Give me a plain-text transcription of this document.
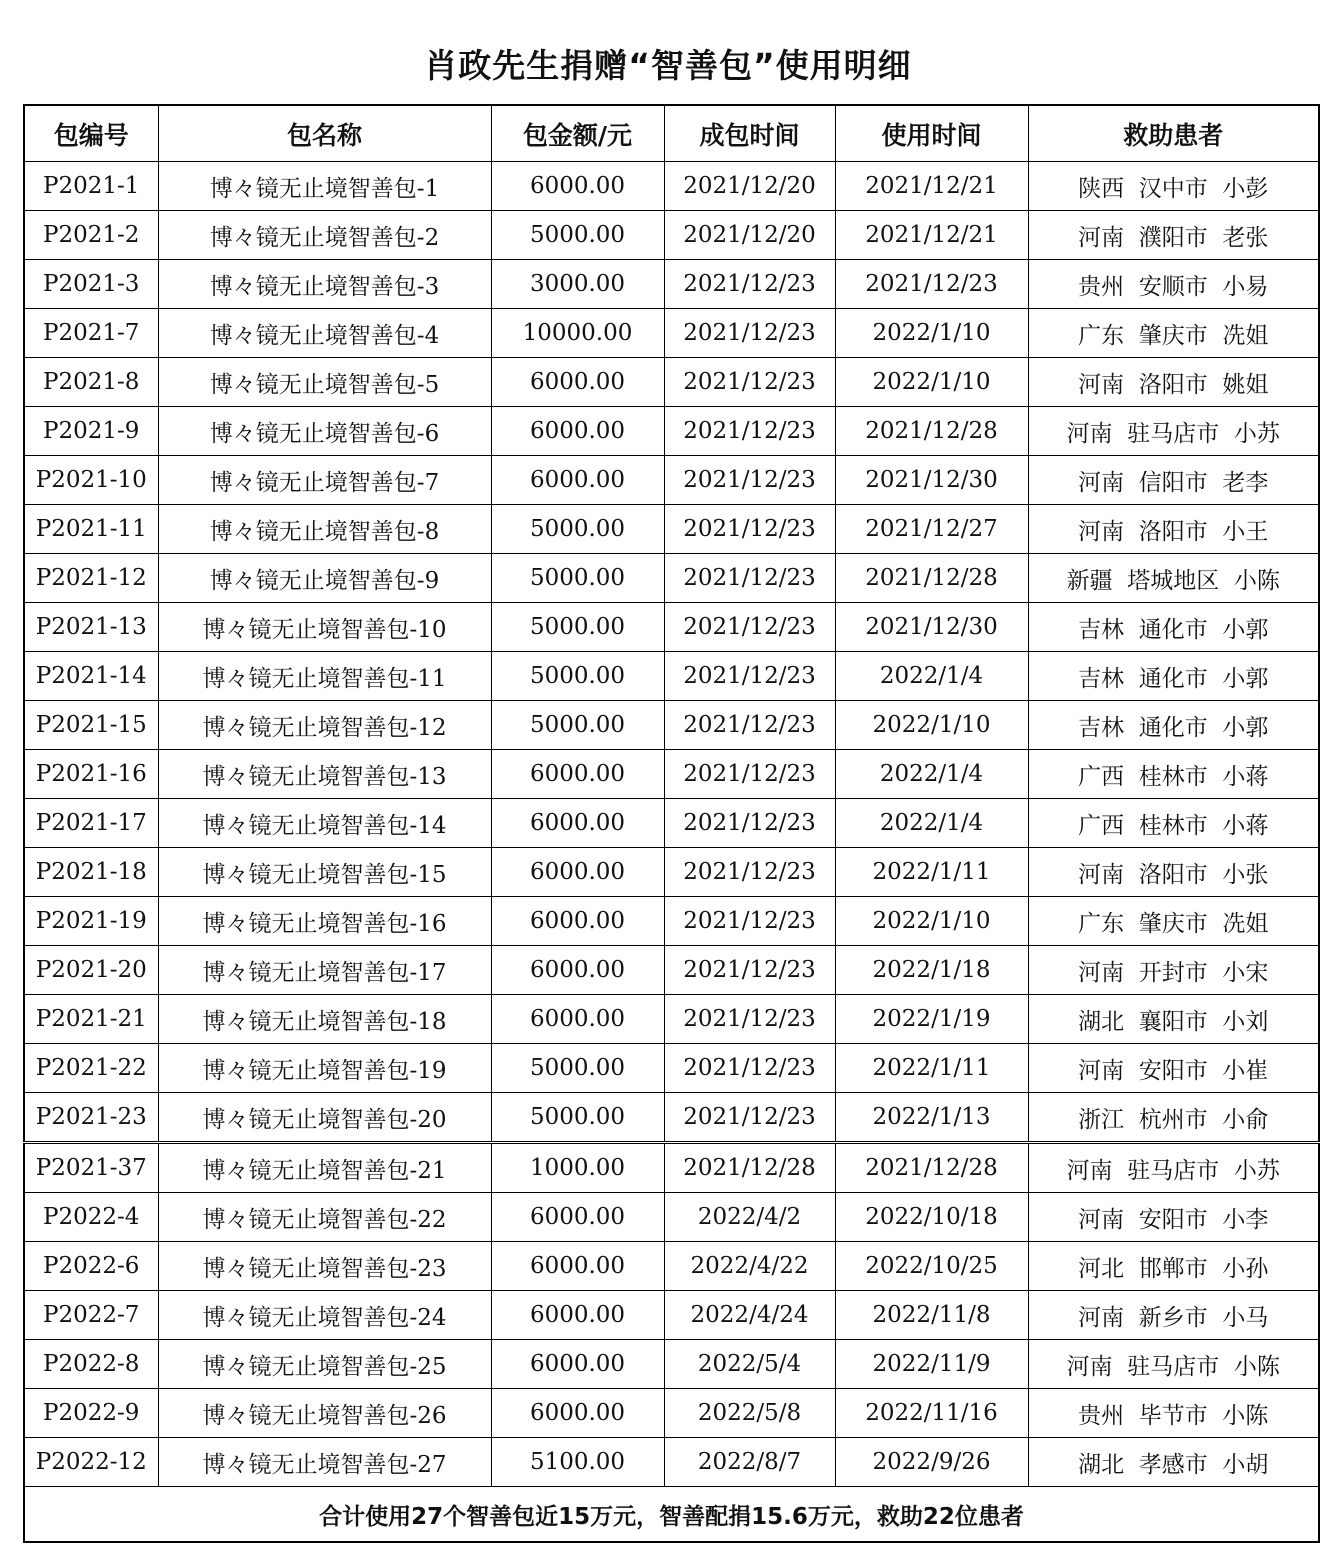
肖政先生捐赠“智善包”使用明细
包编号	包名称	包金额/元	成包时间	使用时间	救助患者
P2021-1	博々镜无止境智善包-1	6000.00	2021/12/20	2021/12/21	陕西  汉中市  小彭
P2021-2	博々镜无止境智善包-2	5000.00	2021/12/20	2021/12/21	河南  濮阳市  老张
P2021-3	博々镜无止境智善包-3	3000.00	2021/12/23	2021/12/23	贵州  安顺市  小易
P2021-7	博々镜无止境智善包-4	10000.00	2021/12/23	2022/1/10	广东  肇庆市  冼姐
P2021-8	博々镜无止境智善包-5	6000.00	2021/12/23	2022/1/10	河南  洛阳市  姚姐
P2021-9	博々镜无止境智善包-6	6000.00	2021/12/23	2021/12/28	河南  驻马店市  小苏
P2021-10	博々镜无止境智善包-7	6000.00	2021/12/23	2021/12/30	河南  信阳市  老李
P2021-11	博々镜无止境智善包-8	5000.00	2021/12/23	2021/12/27	河南  洛阳市  小王
P2021-12	博々镜无止境智善包-9	5000.00	2021/12/23	2021/12/28	新疆  塔城地区  小陈
P2021-13	博々镜无止境智善包-10	5000.00	2021/12/23	2021/12/30	吉林  通化市  小郭
P2021-14	博々镜无止境智善包-11	5000.00	2021/12/23	2022/1/4	吉林  通化市  小郭
P2021-15	博々镜无止境智善包-12	5000.00	2021/12/23	2022/1/10	吉林  通化市  小郭
P2021-16	博々镜无止境智善包-13	6000.00	2021/12/23	2022/1/4	广西  桂林市  小蒋
P2021-17	博々镜无止境智善包-14	6000.00	2021/12/23	2022/1/4	广西  桂林市  小蒋
P2021-18	博々镜无止境智善包-15	6000.00	2021/12/23	2022/1/11	河南  洛阳市  小张
P2021-19	博々镜无止境智善包-16	6000.00	2021/12/23	2022/1/10	广东  肇庆市  冼姐
P2021-20	博々镜无止境智善包-17	6000.00	2021/12/23	2022/1/18	河南  开封市  小宋
P2021-21	博々镜无止境智善包-18	6000.00	2021/12/23	2022/1/19	湖北  襄阳市  小刘
P2021-22	博々镜无止境智善包-19	5000.00	2021/12/23	2022/1/11	河南  安阳市  小崔
P2021-23	博々镜无止境智善包-20	5000.00	2021/12/23	2022/1/13	浙江  杭州市  小俞
P2021-37	博々镜无止境智善包-21	1000.00	2021/12/28	2021/12/28	河南  驻马店市  小苏
P2022-4	博々镜无止境智善包-22	6000.00	2022/4/2	2022/10/18	河南  安阳市  小李
P2022-6	博々镜无止境智善包-23	6000.00	2022/4/22	2022/10/25	河北  邯郸市  小孙
P2022-7	博々镜无止境智善包-24	6000.00	2022/4/24	2022/11/8	河南  新乡市  小马
P2022-8	博々镜无止境智善包-25	6000.00	2022/5/4	2022/11/9	河南  驻马店市  小陈
P2022-9	博々镜无止境智善包-26	6000.00	2022/5/8	2022/11/16	贵州  毕节市  小陈
P2022-12	博々镜无止境智善包-27	5100.00	2022/8/7	2022/9/26	湖北  孝感市  小胡
合计使用27个智善包近15万元，智善配捐15.6万元，救助22位患者					
